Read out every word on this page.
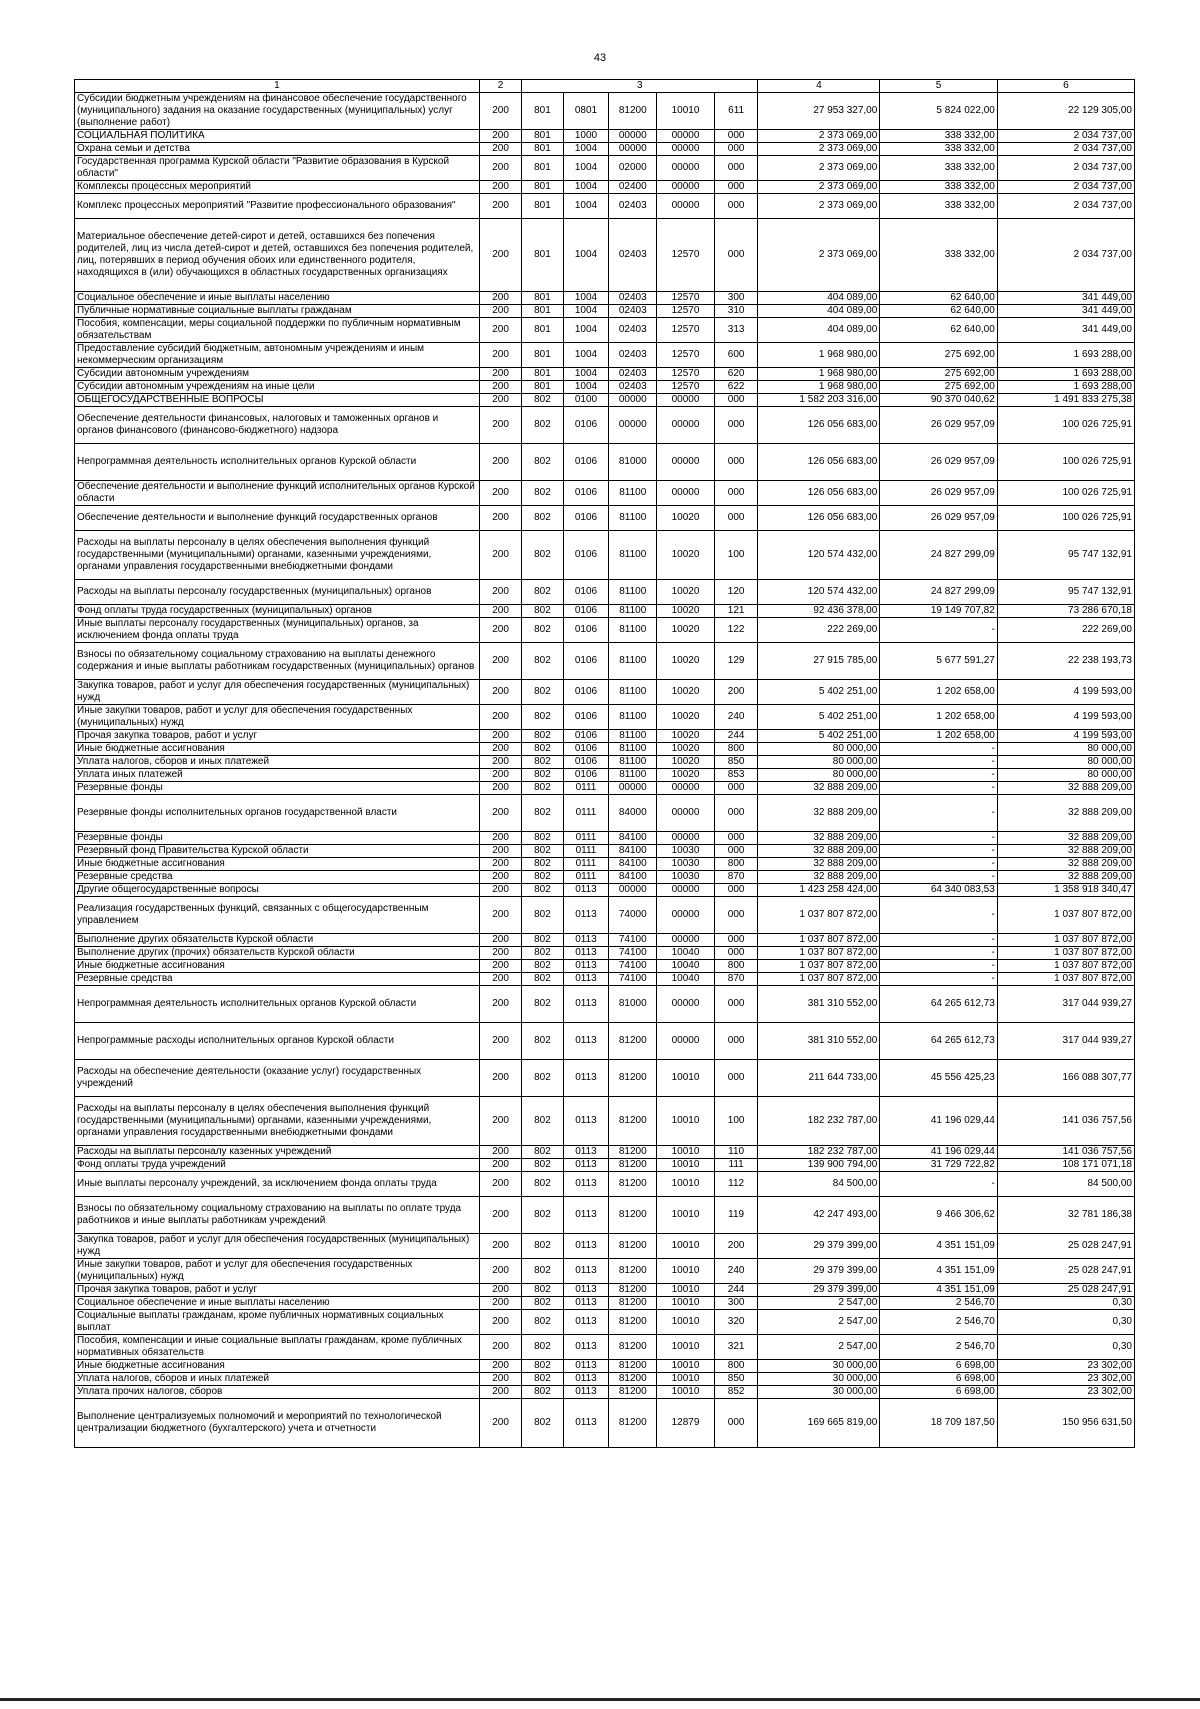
43
1	2	3					4	5	6
Субсидии бюджетным учреждениям на финансовое обеспечение государственного (муниципального) задания на оказание государственных (муниципальных) услуг (выполнение работ)	200	801	0801	81200	10010	611	27 953 327,00	5 824 022,00	22 129 305,00
СОЦИАЛЬНАЯ ПОЛИТИКА	200	801	1000	00000	00000	000	2 373 069,00	338 332,00	2 034 737,00
Охрана семьи и детства	200	801	1004	00000	00000	000	2 373 069,00	338 332,00	2 034 737,00
Государственная программа Курской области "Развитие образования в Курской области"	200	801	1004	02000	00000	000	2 373 069,00	338 332,00	2 034 737,00
Комплексы процессных мероприятий	200	801	1004	02400	00000	000	2 373 069,00	338 332,00	2 034 737,00
Комплекс процессных мероприятий "Развитие профессионального образования"	200	801	1004	02403	00000	000	2 373 069,00	338 332,00	2 034 737,00
Материальное обеспечение детей-сирот и детей, оставшихся без попечения родителей, лиц из числа детей-сирот и детей, оставшихся без попечения родителей, лиц, потерявших в период обучения обоих или единственного родителя, находящихся в (или) обучающихся в областных государственных организациях	200	801	1004	02403	12570	000	2 373 069,00	338 332,00	2 034 737,00
Социальное обеспечение и иные выплаты населению	200	801	1004	02403	12570	300	404 089,00	62 640,00	341 449,00
Публичные нормативные социальные выплаты гражданам	200	801	1004	02403	12570	310	404 089,00	62 640,00	341 449,00
Пособия, компенсации, меры социальной поддержки по публичным нормативным обязательствам	200	801	1004	02403	12570	313	404 089,00	62 640,00	341 449,00
Предоставление субсидий бюджетным, автономным учреждениям и иным некоммерческим организациям	200	801	1004	02403	12570	600	1 968 980,00	275 692,00	1 693 288,00
Субсидии автономным учреждениям	200	801	1004	02403	12570	620	1 968 980,00	275 692,00	1 693 288,00
Субсидии автономным учреждениям на иные цели	200	801	1004	02403	12570	622	1 968 980,00	275 692,00	1 693 288,00
ОБЩЕГОСУДАРСТВЕННЫЕ ВОПРОСЫ	200	802	0100	00000	00000	000	1 582 203 316,00	90 370 040,62	1 491 833 275,38
Обеспечение деятельности финансовых, налоговых и таможенных органов и органов финансового (финансово-бюджетного) надзора	200	802	0106	00000	00000	000	126 056 683,00	26 029 957,09	100 026 725,91
Непрограммная деятельность исполнительных органов Курской области	200	802	0106	81000	00000	000	126 056 683,00	26 029 957,09	100 026 725,91
Обеспечение деятельности и выполнение функций исполнительных органов Курской области	200	802	0106	81100	00000	000	126 056 683,00	26 029 957,09	100 026 725,91
Обеспечение деятельности и выполнение функций государственных органов	200	802	0106	81100	10020	000	126 056 683,00	26 029 957,09	100 026 725,91
Расходы на выплаты персоналу в целях обеспечения выполнения функций государственными (муниципальными) органами, казенными учреждениями, органами управления государственными внебюджетными фондами	200	802	0106	81100	10020	100	120 574 432,00	24 827 299,09	95 747 132,91
Расходы на выплаты персоналу государственных (муниципальных) органов	200	802	0106	81100	10020	120	120 574 432,00	24 827 299,09	95 747 132,91
Фонд оплаты труда государственных (муниципальных) органов	200	802	0106	81100	10020	121	92 436 378,00	19 149 707,82	73 286 670,18
Иные выплаты персоналу государственных (муниципальных) органов, за исключением фонда оплаты труда	200	802	0106	81100	10020	122	222 269,00	-	222 269,00
Взносы по обязательному социальному страхованию на выплаты денежного содержания и иные выплаты работникам государственных (муниципальных) органов	200	802	0106	81100	10020	129	27 915 785,00	5 677 591,27	22 238 193,73
Закупка товаров, работ и услуг для обеспечения государственных (муниципальных) нужд	200	802	0106	81100	10020	200	5 402 251,00	1 202 658,00	4 199 593,00
Иные закупки товаров, работ и услуг для обеспечения государственных (муниципальных) нужд	200	802	0106	81100	10020	240	5 402 251,00	1 202 658,00	4 199 593,00
Прочая закупка товаров, работ и услуг	200	802	0106	81100	10020	244	5 402 251,00	1 202 658,00	4 199 593,00
Иные бюджетные ассигнования	200	802	0106	81100	10020	800	80 000,00	-	80 000,00
Уплата налогов, сборов и иных платежей	200	802	0106	81100	10020	850	80 000,00	-	80 000,00
Уплата иных платежей	200	802	0106	81100	10020	853	80 000,00	-	80 000,00
Резервные фонды	200	802	0111	00000	00000	000	32 888 209,00	-	32 888 209,00
Резервные фонды исполнительных органов государственной власти	200	802	0111	84000	00000	000	32 888 209,00	-	32 888 209,00
Резервные фонды	200	802	0111	84100	00000	000	32 888 209,00	-	32 888 209,00
Резервный фонд Правительства Курской области	200	802	0111	84100	10030	000	32 888 209,00	-	32 888 209,00
Иные бюджетные ассигнования	200	802	0111	84100	10030	800	32 888 209,00	-	32 888 209,00
Резервные средства	200	802	0111	84100	10030	870	32 888 209,00	-	32 888 209,00
Другие общегосударственные вопросы	200	802	0113	00000	00000	000	1 423 258 424,00	64 340 083,53	1 358 918 340,47
Реализация государственных функций, связанных с общегосударственным управлением	200	802	0113	74000	00000	000	1 037 807 872,00	-	1 037 807 872,00
Выполнение других обязательств Курской области	200	802	0113	74100	00000	000	1 037 807 872,00	-	1 037 807 872,00
Выполнение других (прочих) обязательств Курской области	200	802	0113	74100	10040	000	1 037 807 872,00	-	1 037 807 872,00
Иные бюджетные ассигнования	200	802	0113	74100	10040	800	1 037 807 872,00	-	1 037 807 872,00
Резервные средства	200	802	0113	74100	10040	870	1 037 807 872,00	-	1 037 807 872,00
Непрограммная деятельность исполнительных органов Курской области	200	802	0113	81000	00000	000	381 310 552,00	64 265 612,73	317 044 939,27
Непрограммные расходы исполнительных органов Курской области	200	802	0113	81200	00000	000	381 310 552,00	64 265 612,73	317 044 939,27
Расходы на обеспечение деятельности (оказание услуг) государственных учреждений	200	802	0113	81200	10010	000	211 644 733,00	45 556 425,23	166 088 307,77
Расходы на выплаты персоналу в целях обеспечения выполнения функций государственными (муниципальными) органами, казенными учреждениями, органами управления государственными внебюджетными фондами	200	802	0113	81200	10010	100	182 232 787,00	41 196 029,44	141 036 757,56
Расходы на выплаты персоналу казенных учреждений	200	802	0113	81200	10010	110	182 232 787,00	41 196 029,44	141 036 757,56
Фонд оплаты труда учреждений	200	802	0113	81200	10010	111	139 900 794,00	31 729 722,82	108 171 071,18
Иные выплаты персоналу учреждений, за исключением фонда оплаты труда	200	802	0113	81200	10010	112	84 500,00	-	84 500,00
Взносы по обязательному социальному страхованию на выплаты по оплате труда работников и иные выплаты работникам учреждений	200	802	0113	81200	10010	119	42 247 493,00	9 466 306,62	32 781 186,38
Закупка товаров, работ и услуг для обеспечения государственных (муниципальных) нужд	200	802	0113	81200	10010	200	29 379 399,00	4 351 151,09	25 028 247,91
Иные закупки товаров, работ и услуг для обеспечения государственных (муниципальных) нужд	200	802	0113	81200	10010	240	29 379 399,00	4 351 151,09	25 028 247,91
Прочая закупка товаров, работ и услуг	200	802	0113	81200	10010	244	29 379 399,00	4 351 151,09	25 028 247,91
Социальное обеспечение и иные выплаты населению	200	802	0113	81200	10010	300	2 547,00	2 546,70	0,30
Социальные выплаты гражданам, кроме публичных нормативных социальных выплат	200	802	0113	81200	10010	320	2 547,00	2 546,70	0,30
Пособия, компенсации и иные социальные выплаты гражданам, кроме публичных нормативных обязательств	200	802	0113	81200	10010	321	2 547,00	2 546,70	0,30
Иные бюджетные ассигнования	200	802	0113	81200	10010	800	30 000,00	6 698,00	23 302,00
Уплата налогов, сборов и иных платежей	200	802	0113	81200	10010	850	30 000,00	6 698,00	23 302,00
Уплата прочих налогов, сборов	200	802	0113	81200	10010	852	30 000,00	6 698,00	23 302,00
Выполнение централизуемых полномочий и мероприятий по технологической централизации бюджетного (бухгалтерского) учета и отчетности	200	802	0113	81200	12879	000	169 665 819,00	18 709 187,50	150 956 631,50
